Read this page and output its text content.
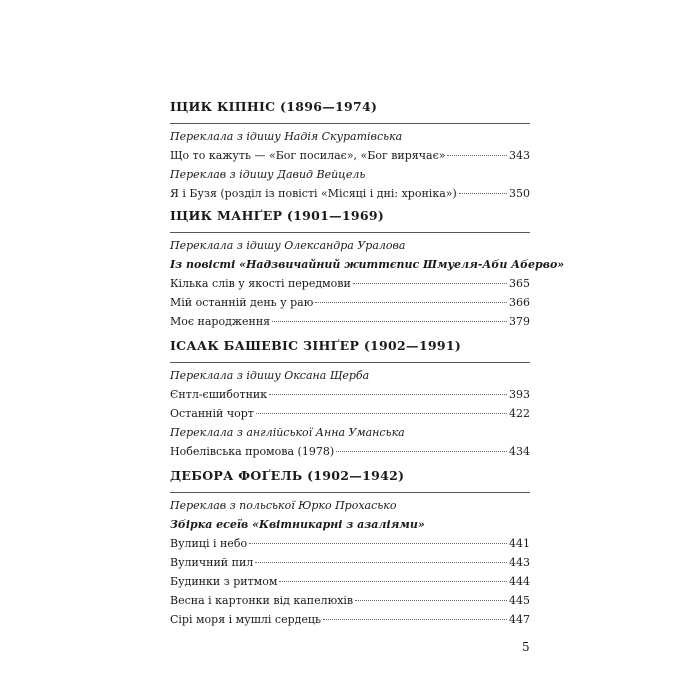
ІЦИК КІПНІС (1896—1974)
Переклала з ідишу Надія Скуратівська
Що то кажуть — «Бог посилає», «Бог вирячає»	343
Переклав з ідишу Давид Вейцель
Я і Бузя (розділ із повісті «Місяці і дні: хроніка»)	350
ІЦИК МАНҐЕР (1901—1969)
Переклала з ідишу Олександра Уралова
Із повісті «Надзвичайний життєпис Шмуеля-Аби Аберво»
Кілька слів у якості передмови	365
Мій останній день у раю	366
Моє народження	379
ІСААК БАШЕВІС ЗІНҐЕР (1902—1991)
Переклала з ідишу Оксана Щерба
Єнтл-єшиботник	393
Останній чорт	422
Переклала з англійської Анна Уманська
Нобелівська промова (1978)	434
ДЕБОРА ФОҐЕЛЬ (1902—1942)
Переклав з польської Юрко Прохасько
Збірка есеїв «Квітникарні з азаліями»
Вулиці і небо	441
Вуличний пил	443
Будинки з ритмом	444
Весна і картонки від капелюхів	445
Сірі моря і мушлі сердець	447
5
